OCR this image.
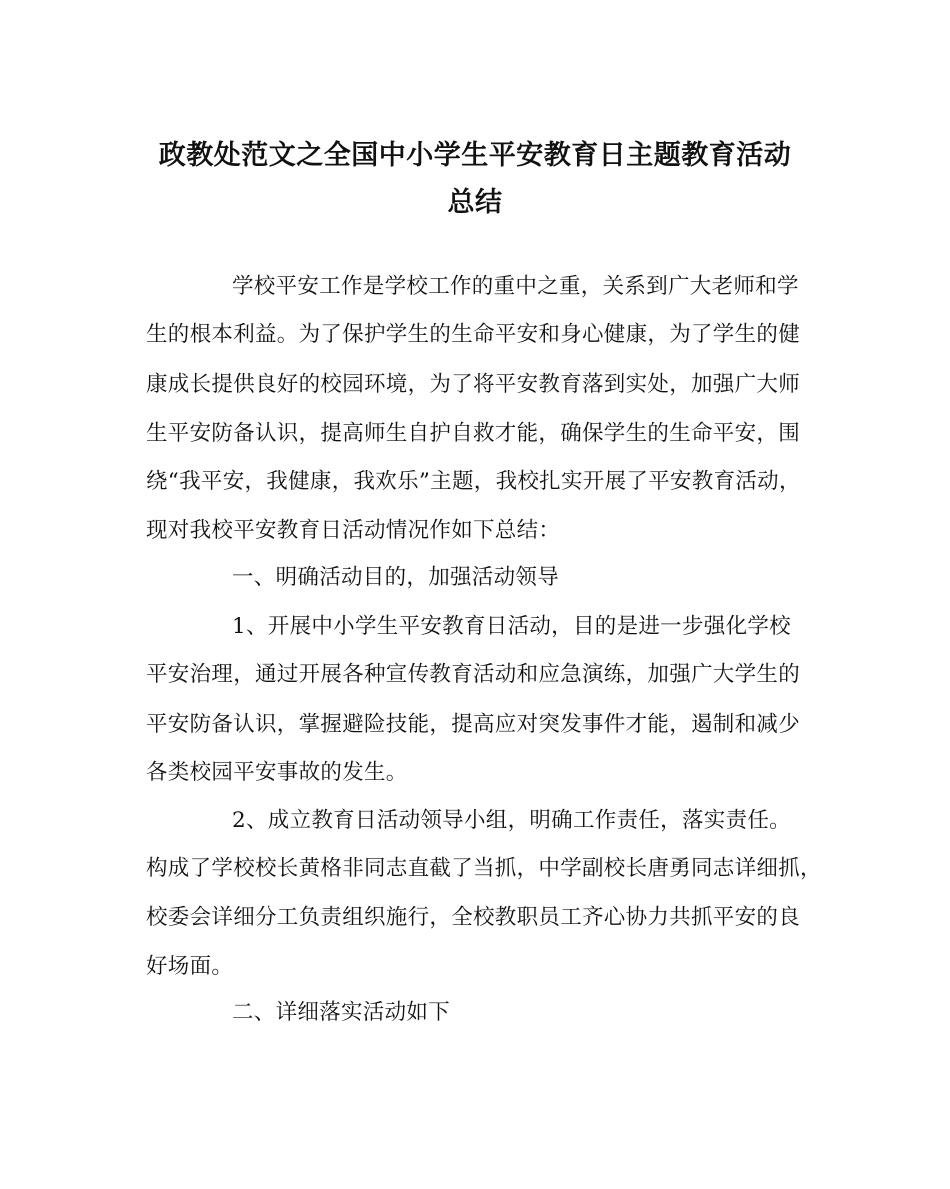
政教处范文之全国中小学生平安教育日主题教育活动
总结
学校平安工作是学校工作的重中之重，关系到广大老师和学
生的根本利益。为了保护学生的生命平安和身心健康，为了学生的健
康成长提供良好的校园环境，为了将平安教育落到实处，加强广大师
生平安防备认识，提高师生自护自救才能，确保学生的生命平安，围
绕“我平安，我健康，我欢乐”主题，我校扎实开展了平安教育活动，
现对我校平安教育日活动情况作如下总结：
一、明确活动目的，加强活动领导
1、开展中小学生平安教育日活动，目的是进一步强化学校
平安治理，通过开展各种宣传教育活动和应急演练，加强广大学生的
平安防备认识，掌握避险技能，提高应对突发事件才能，遏制和减少
各类校园平安事故的发生。
2、成立教育日活动领导小组，明确工作责任，落实责任。
构成了学校校长黄格非同志直截了当抓，中学副校长唐勇同志详细抓，
校委会详细分工负责组织施行，全校教职员工齐心协力共抓平安的良
好场面。
二、详细落实活动如下
